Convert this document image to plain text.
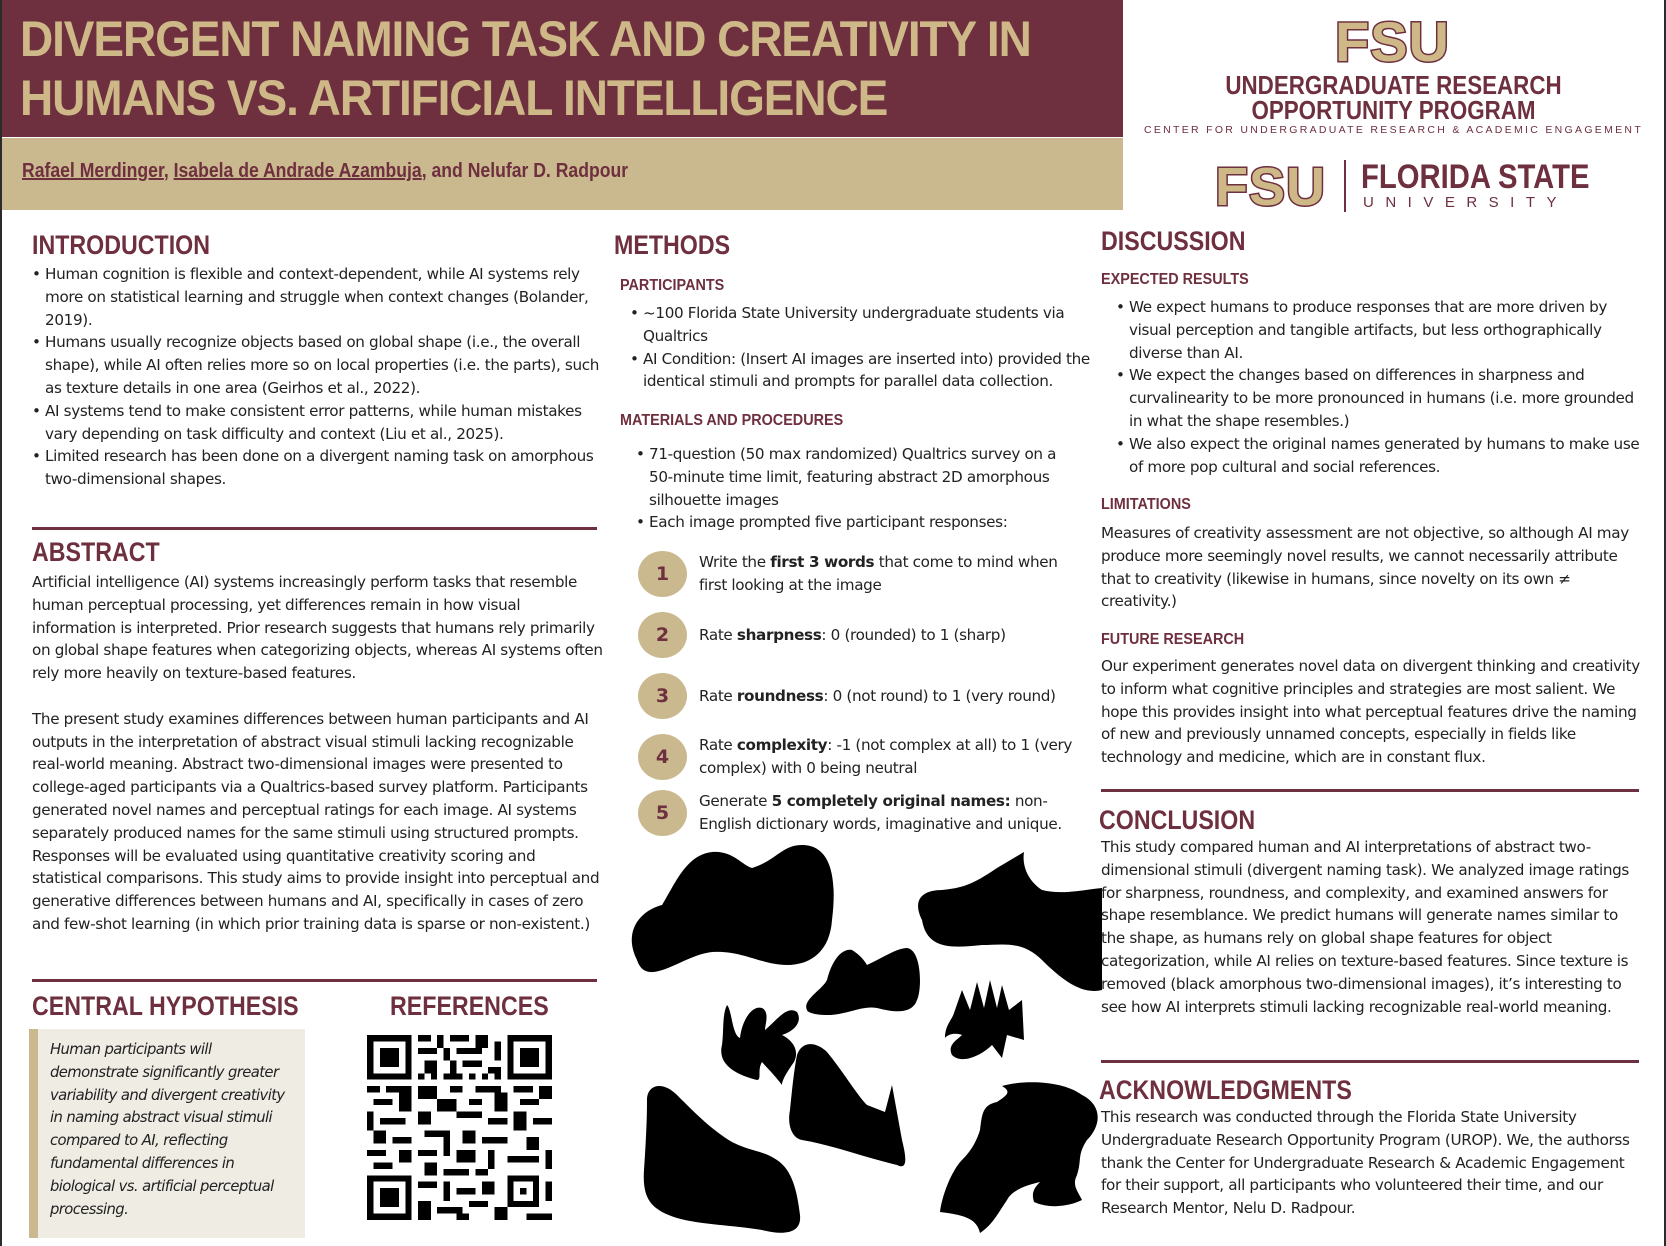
DIVERGENT NAMING TASK AND CREATIVITY IN
HUMANS VS. ARTIFICIAL INTELLIGENCE
Rafael Merdinger, Isabela de Andrade Azambuja, and Nelufar D. Radpour
FSU
UNDERGRADUATE RESEARCH
OPPORTUNITY PROGRAM
CENTER FOR UNDERGRADUATE RESEARCH & ACADEMIC ENGAGEMENT
FSU FLORIDA STATE
UNIVERSITY
INTRODUCTION
• Human cognition is flexible and context-dependent, while AI systems rely more on statistical learning and struggle when context changes (Bolander, 2019).
• Humans usually recognize objects based on global shape (i.e., the overall shape), while AI often relies more so on local properties (i.e. the parts), such as texture details in one area (Geirhos et al., 2022).
• AI systems tend to make consistent error patterns, while human mistakes vary depending on task difficulty and context (Liu et al., 2025).
• Limited research has been done on a divergent naming task on amorphous two-dimensional shapes.
ABSTRACT

Artificial intelligence (AI) systems increasingly perform tasks that resemble human perceptual processing, yet differences remain in how visual information is interpreted. Prior research suggests that humans rely primarily on global shape features when categorizing objects, whereas AI systems often rely more heavily on texture-based features.

The present study examines differences between human participants and AI outputs in the interpretation of abstract visual stimuli lacking recognizable real-world meaning. Abstract two-dimensional images were presented to college-aged participants via a Qualtrics-based survey platform. Participants generated novel names and perceptual ratings for each image. AI systems separately produced names for the same stimuli using structured prompts. Responses will be evaluated using quantitative creativity scoring and statistical comparisons. This study aims to provide insight into perceptual and generative differences between humans and AI, specifically in cases of zero and few-shot learning (in which prior training data is sparse or non-existent.)

CENTRAL HYPOTHESIS	REFERENCES
Human participants will demonstrate significantly greater variability and divergent creativity in naming abstract visual stimuli compared to AI, reflecting fundamental differences in biological vs. artificial perceptual processing.
METHODS
PARTICIPANTS
• ~100 Florida State University undergraduate students via Qualtrics
• AI Condition: (Insert AI images are inserted into) provided the identical stimuli and prompts for parallel data collection.
MATERIALS AND PROCEDURES
• 71-question (50 max randomized) Qualtrics survey on a 50-minute time limit, featuring abstract 2D amorphous silhouette images
• Each image prompted five participant responses:
1
Write the first 3 words that come to mind when first looking at the image
2	Rate sharpness: 0 (rounded) to 1 (sharp)
3	Rate roundness: 0 (not round) to 1 (very round)
4
Rate complexity: -1 (not complex at all) to 1 (very complex) with 0 being neutral
5
Generate 5 completely original names: non-English dictionary words, imaginative and unique.
DISCUSSION
EXPECTED RESULTS
• We expect humans to produce responses that are more driven by visual perception and tangible artifacts, but less orthographically diverse than AI.
• We expect the changes based on differences in sharpness and curvalinearity to be more pronounced in humans (i.e. more grounded in what the shape resembles.)
• We also expect the original names generated by humans to make use of more pop cultural and social references.
LIMITATIONS
Measures of creativity assessment are not objective, so although AI may produce more seemingly novel results, we cannot necessarily attribute that to creativity (likewise in humans, since novelty on its own ≠ creativity.)
FUTURE RESEARCH
Our experiment generates novel data on divergent thinking and creativity to inform what cognitive principles and strategies are most salient. We hope this provides insight into what perceptual features drive the naming of new and previously unnamed concepts, especially in fields like technology and medicine, which are in constant flux.
CONCLUSION
This study compared human and AI interpretations of abstract two-dimensional stimuli (divergent naming task). We analyzed image ratings for sharpness, roundness, and complexity, and examined answers for shape resemblance. We predict humans will generate names similar to the shape, as humans rely on global shape features for object categorization, while AI relies on texture-based features. Since texture is removed (black amorphous two-dimensional images), it’s interesting to see how AI interprets stimuli lacking recognizable real-world meaning.
ACKNOWLEDGMENTS
This research was conducted through the Florida State University Undergraduate Research Opportunity Program (UROP). We, the authorss thank the Center for Undergraduate Research & Academic Engagement for their support, all participants who volunteered their time, and our Research Mentor, Nelu D. Radpour.
